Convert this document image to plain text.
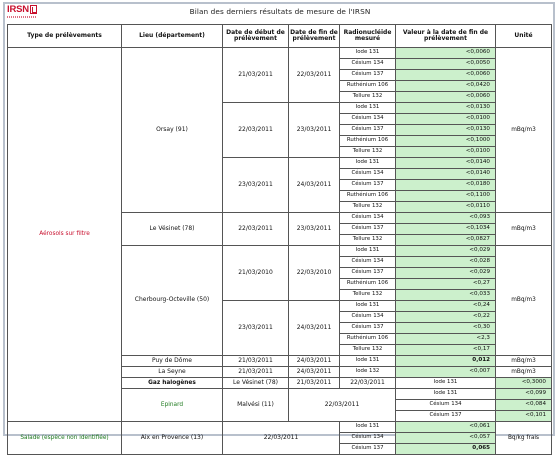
IRSN	Bilan des derniers résultats de mesure de l'IRSN
Type de prélèvements	Lieu (département)	Date de début de prélèvement	Date de fin de prélèvement	Radionucléide mesuré	Valeur à la date de fin de prélèvement	Unité	
Aérosols sur filtre	Orsay (91)	21/03/2011	22/03/2011	Iode 131	<0,0060	mBq/m3	
				Césium 134	<0,0050		
				Césium 137	<0,0060		
				Ruthénium 106	<0,0420		
				Tellure 132	<0,0060		
		22/03/2011	23/03/2011	Iode 131	<0,0130		
				Césium 134	<0,0100		
				Césium 137	<0,0130		
				Ruthénium 106	<0,1000		
				Tellure 132	<0,0100		
		23/03/2011	24/03/2011	Iode 131	<0,0140		
				Césium 134	<0,0140		
				Césium 137	<0,0180		
				Ruthénium 106	<0,1100		
				Tellure 132	<0,0110		
	Le Vésinet (78)	22/03/2011	23/03/2011	Césium 134	<0,093	mBq/m3	
				Césium 137	<0,1034		
				Tellure 132	<0,0827		
	Cherbourg-Octeville (50)	21/03/2010	22/03/2010	Iode 131	<0,029	mBq/m3	
				Césium 134	<0,028		
				Césium 137	<0,029		
				Ruthénium 106	<0,27		
				Tellure 132	<0,033		
		23/03/2011	24/03/2011	Iode 131	<0,24		
				Césium 134	<0,22		
				Césium 137	<0,30		
				Ruthénium 106	<2,3		
				Tellure 132	<0,17		
	Puy de Dôme	21/03/2011	24/03/2011	Iode 131	0,012	mBq/m3	
	La Seyne	21/03/2011	24/03/2011	Iode 132	<0,007	mBq/m3	
	Gaz halogènes	Le Vésinet (78)	21/03/2011	22/03/2011	Iode 131	<0,3000	
	Epinard	Malvési (11)	22/03/2011		Iode 131	<0,099	
					Césium 134	<0,084	
					Césium 137	<0,101	
Salade (espèce non identifiée)	Aix en Provence (13)	22/03/2011		Iode 131	<0,061	Bq/kg frais	
				Césium 134	<0,057		
				Césium 137	0,065		
